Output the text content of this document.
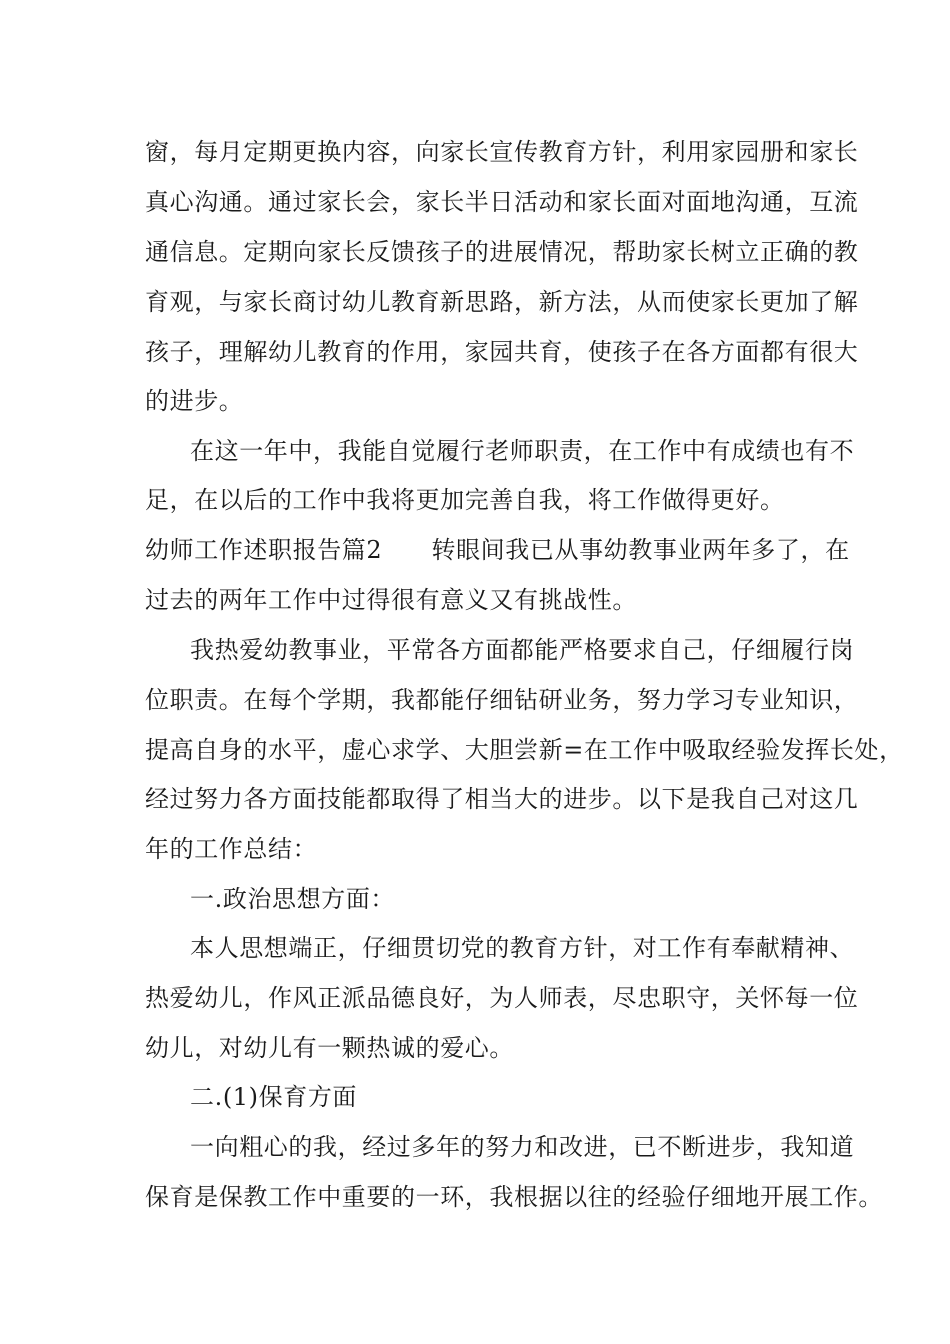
窗，每月定期更换内容，向家长宣传教育方针，利用家园册和家长
真心沟通。通过家长会，家长半日活动和家长面对面地沟通，互流
通信息。定期向家长反馈孩子的进展情况，帮助家长树立正确的教
育观，与家长商讨幼儿教育新思路，新方法，从而使家长更加了解
孩子，理解幼儿教育的作用，家园共育，使孩子在各方面都有很大
的进步。
在这一年中，我能自觉履行老师职责，在工作中有成绩也有不
足，在以后的工作中我将更加完善自我，将工作做得更好。
幼师工作述职报告篇2　　转眼间我已从事幼教事业两年多了，在
过去的两年工作中过得很有意义又有挑战性。
我热爱幼教事业，平常各方面都能严格要求自己，仔细履行岗
位职责。在每个学期，我都能仔细钻研业务，努力学习专业知识，
提高自身的水平，虚心求学、大胆尝新=在工作中吸取经验发挥长处，
经过努力各方面技能都取得了相当大的进步。以下是我自己对这几
年的工作总结：
一.政治思想方面：
本人思想端正，仔细贯切党的教育方针，对工作有奉献精神、
热爱幼儿，作风正派品德良好，为人师表，尽忠职守，关怀每一位
幼儿，对幼儿有一颗热诚的爱心。
二.(1)保育方面
一向粗心的我，经过多年的努力和改进，已不断进步，我知道
保育是保教工作中重要的一环，我根据以往的经验仔细地开展工作。
